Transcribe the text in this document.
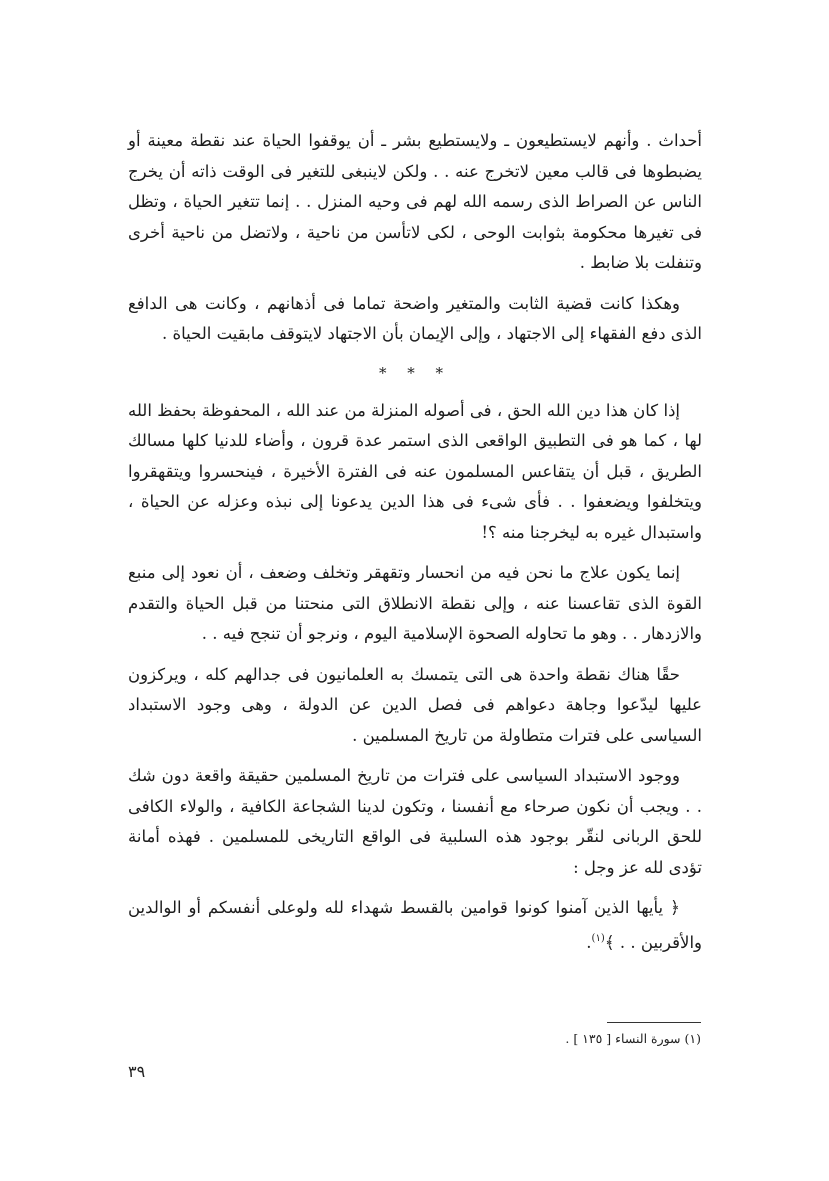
أحداث . وأنهم لايستطيعون ـ ولايستطيع بشر ـ أن يوقفوا الحياة عند نقطة معينة أو يضبطوها فى قالب معين لاتخرج عنه . . ولكن لاينبغى للتغير فى الوقت ذاته أن يخرج الناس عن الصراط الذى رسمه الله لهم فى وحيه المنزل . . إنما تتغير الحياة ، وتظل فى تغيرها محكومة بثوابت الوحى ، لكى لاتأسن من ناحية ، ولاتضل من ناحية أخرى وتنفلت بلا ضابط .

وهكذا كانت قضية الثابت والمتغير واضحة تماما فى أذهانهم ، وكانت هى الدافع الذى دفع الفقهاء إلى الاجتهاد ، وإلى الإيمان بأن الاجتهاد لايتوقف مابقيت الحياة .

* * *

إذا كان هذا دين الله الحق ، فى أصوله المنزلة من عند الله ، المحفوظة بحفظ الله لها ، كما هو فى التطبيق الواقعى الذى استمر عدة قرون ، وأضاء للدنيا كلها مسالك الطريق ، قبل أن يتقاعس المسلمون عنه فى الفترة الأخيرة ، فينحسروا ويتقهقروا ويتخلفوا ويضعفوا . . فأى شىء فى هذا الدين يدعونا إلى نبذه وعزله عن الحياة ، واستبدال غيره به ليخرجنا منه ؟!

إنما يكون علاج ما نحن فيه من انحسار وتقهقر وتخلف وضعف ، أن نعود إلى منبع القوة الذى تقاعسنا عنه ، وإلى نقطة الانطلاق التى منحتنا من قبل الحياة والتقدم والازدهار . . وهو ما تحاوله الصحوة الإسلامية اليوم ، ونرجو أن تنجح فيه . .

حقًا هناك نقطة واحدة هى التى يتمسك به العلمانيون فى جدالهم كله ، ويركزون عليها ليدّعوا وجاهة دعواهم فى فصل الدين عن الدولة ، وهى وجود الاستبداد السياسى على فترات متطاولة من تاريخ المسلمين .

ووجود الاستبداد السياسى على فترات من تاريخ المسلمين حقيقة واقعة دون شك . . ويجب أن نكون صرحاء مع أنفسنا ، وتكون لدينا الشجاعة الكافية ، والولاء الكافى للحق الربانى لنقّر بوجود هذه السلبية فى الواقع التاريخى للمسلمين . فهذه أمانة تؤدى لله عز وجل :

﴿ يأيها الذين آمنوا كونوا قوامين بالقسط شهداء لله ولوعلى أنفسكم أو الوالدين والأقربين . . ﴾$^{(١)}$.

(١) سورة النساء [ ١٣٥ ] .
٣٩
